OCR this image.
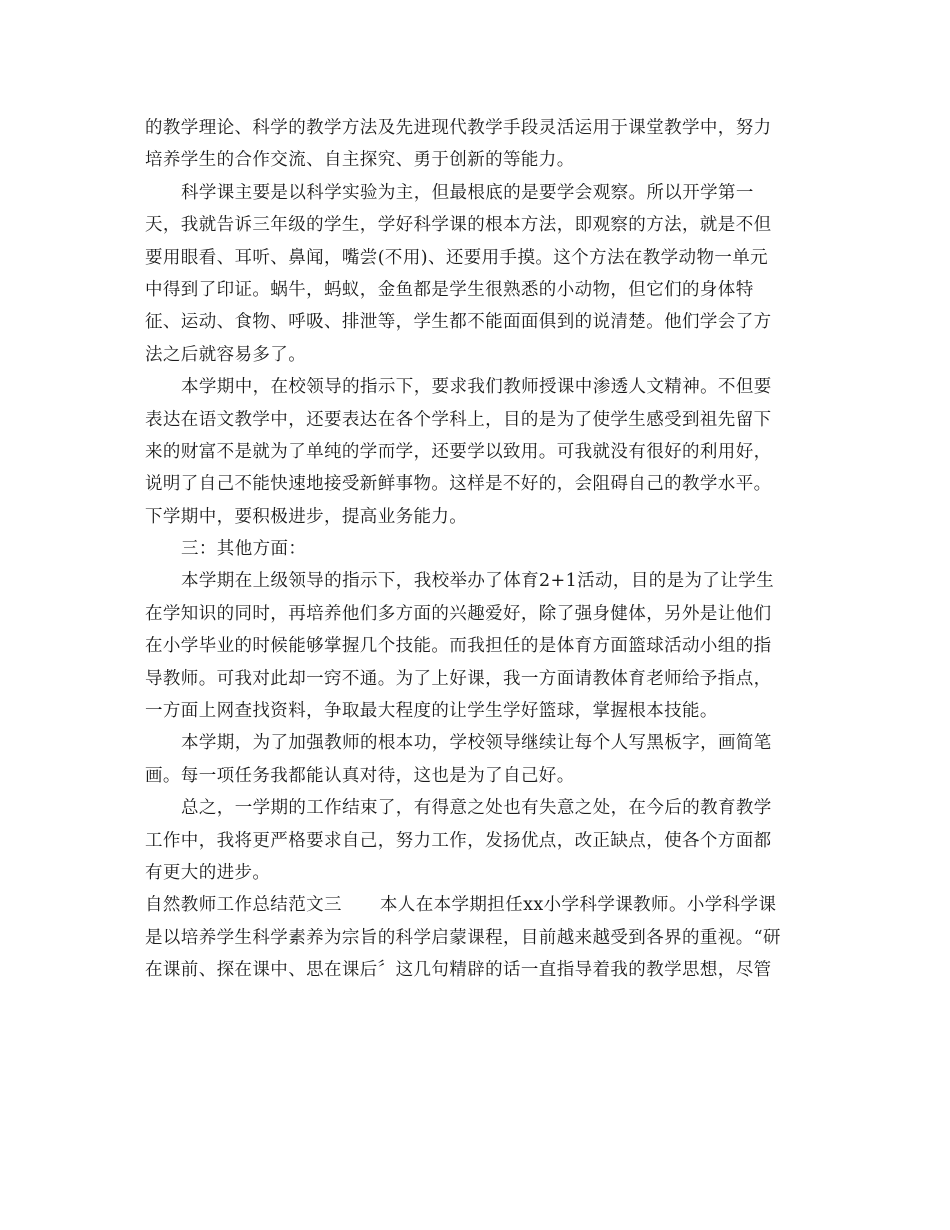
的教学理论、科学的教学方法及先进现代教学手段灵活运用于课堂教学中，努力
培养学生的合作交流、自主探究、勇于创新的等能力。
科学课主要是以科学实验为主，但最根底的是要学会观察。所以开学第一
天，我就告诉三年级的学生，学好科学课的根本方法，即观察的方法，就是不但
要用眼看、耳听、鼻闻，嘴尝(不用)、还要用手摸。这个方法在教学动物一单元
中得到了印证。蜗牛，蚂蚁，金鱼都是学生很熟悉的小动物，但它们的身体特
征、运动、食物、呼吸、排泄等，学生都不能面面俱到的说清楚。他们学会了方
法之后就容易多了。
本学期中，在校领导的指示下，要求我们教师授课中渗透人文精神。不但要
表达在语文教学中，还要表达在各个学科上，目的是为了使学生感受到祖先留下
来的财富不是就为了单纯的学而学，还要学以致用。可我就没有很好的利用好，
说明了自己不能快速地接受新鲜事物。这样是不好的，会阻碍自己的教学水平。
下学期中，要积极进步，提高业务能力。
三：其他方面：
本学期在上级领导的指示下，我校举办了体育2+1活动，目的是为了让学生
在学知识的同时，再培养他们多方面的兴趣爱好，除了强身健体，另外是让他们
在小学毕业的时候能够掌握几个技能。而我担任的是体育方面篮球活动小组的指
导教师。可我对此却一窍不通。为了上好课，我一方面请教体育老师给予指点，
一方面上网查找资料，争取最大程度的让学生学好篮球，掌握根本技能。
本学期，为了加强教师的根本功，学校领导继续让每个人写黑板字，画简笔
画。每一项任务我都能认真对待，这也是为了自己好。
总之，一学期的工作结束了，有得意之处也有失意之处，在今后的教育教学
工作中，我将更严格要求自己，努力工作，发扬优点，改正缺点，使各个方面都
有更大的进步。
自然教师工作总结范文三 本人在本学期担任xx小学科学课教师。小学科学课
是以培养学生科学素养为宗旨的科学启蒙课程，目前越来越受到各界的重视。“研
在课前、探在课中、思在课后〞这几句精辟的话一直指导着我的教学思想，尽管
